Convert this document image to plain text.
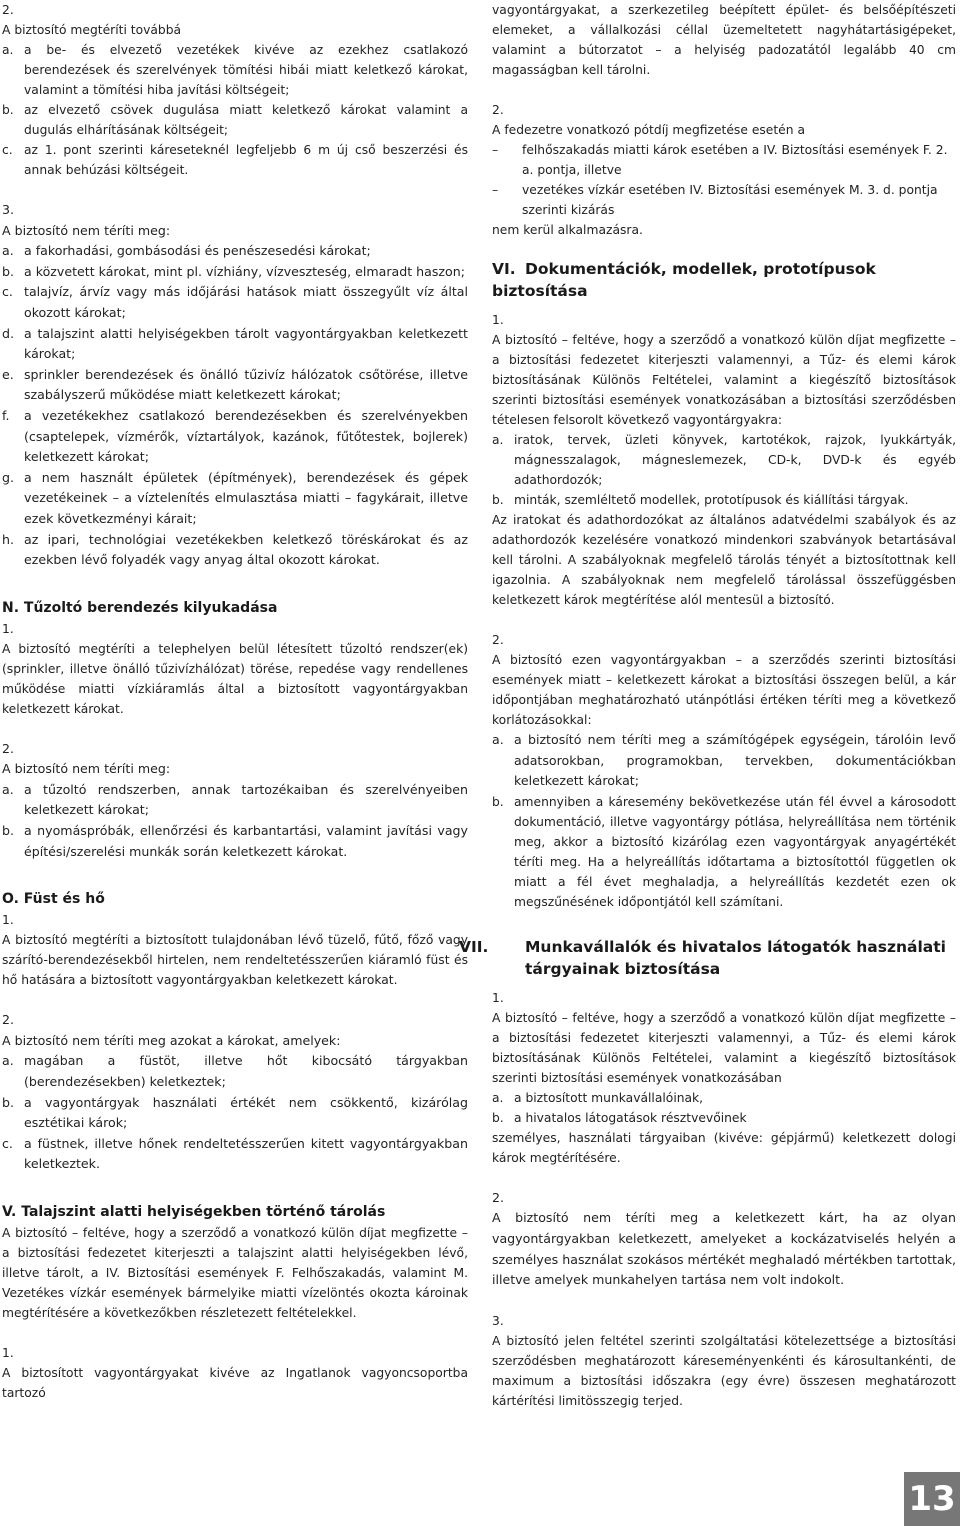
2.

A biztosító megtéríti továbbá

a. a be- és elvezető vezetékek kivéve az ezekhez csatlakozó berendezések és szerelvények tömítési hibái miatt keletkező károkat, valamint a tömítési hiba javítási költségeit;

b. az elvezető csövek dugulása miatt keletkező károkat valamint a dugulás elhárításának költségeit;

c. az 1. pont szerinti káreseteknél legfeljebb 6 m új cső beszerzési és annak behúzási költségeit.

3.

A biztosító nem téríti meg:

a. a fakorhadási, gombásodási és penészesedési károkat;

b. a közvetett károkat, mint pl. vízhiány, vízveszteség, elmaradt haszon;

c. talajvíz, árvíz vagy más időjárási hatások miatt összegyűlt víz által okozott károkat;

d. a talajszint alatti helyiségekben tárolt vagyontárgyakban keletkezett károkat;

e. sprinkler berendezések és önálló tűzivíz hálózatok csőtörése, illetve szabályszerű működése miatt keletkezett károkat;

f. a vezetékekhez csatlakozó berendezésekben és szerelvényekben (csaptelepek, vízmérők, víztartályok, kazánok, fűtőtestek, bojlerek) keletkezett károkat;

g. a nem használt épületek (építmények), berendezések és gépek vezetékeinek – a víztelenítés elmulasztása miatti – fagykárait, illetve ezek következményi kárait;

h. az ipari, technológiai vezetékekben keletkező töréskárokat és az ezekben lévő folyadék vagy anyag által okozott károkat.

N. Tűzoltó berendezés kilyukadása

1.

A biztosító megtéríti a telephelyen belül létesített tűzoltó rendszer(ek) (sprinkler, illetve önálló tűzivízhálózat) törése, repedése vagy rendellenes működése miatti vízkiáramlás által a biztosított vagyontárgyakban keletkezett károkat.

2.

A biztosító nem téríti meg:

a. a tűzoltó rendszerben, annak tartozékaiban és szerelvényeiben keletkezett károkat;

b. a nyomáspróbák, ellenőrzési és karbantartási, valamint javítási vagy építési/szerelési munkák során keletkezett károkat.

O. Füst és hő

1.

A biztosító megtéríti a biztosított tulajdonában lévő tüzelő, fűtő, főző vagy szárító-berendezésekből hirtelen, nem rendeltetésszerűen kiáramló füst és hő hatására a biztosított vagyontárgyakban keletkezett károkat.

2.

A biztosító nem téríti meg azokat a károkat, amelyek:

a. magában a füstöt, illetve hőt kibocsátó tárgyakban (berendezésekben) keletkeztek;

b. a vagyontárgyak használati értékét nem csökkentő, kizárólag esztétikai károk;

c. a füstnek, illetve hőnek rendeltetésszerűen kitett vagyontárgyakban keletkeztek.

V. Talajszint alatti helyiségekben történő tárolás

A biztosító – feltéve, hogy a szerződő a vonatkozó külön díjat megfizette – a biztosítási fedezetet kiterjeszti a talajszint alatti helyiségekben lévő, illetve tárolt, a IV. Biztosítási események F. Felhőszakadás, valamint M. Vezetékes vízkár események bármelyike miatti vízelöntés okozta károinak megtérítésére a következőkben részletezett feltételekkel.

1.

A biztosított vagyontárgyakat kivéve az Ingatlanok vagyoncsoportba tartozó

vagyontárgyakat, a szerkezetileg beépített épület- és belsőépítészeti elemeket, a vállalkozási céllal üzemeltetett nagyhátartásigépeket, valamint a bútorzatot – a helyiség padozatától legalább 40 cm magasságban kell tárolni.

2.

A fedezetre vonatkozó pótdíj megfizetése esetén a

– felhőszakadás miatti károk esetében a IV. Biztosítási események F. 2. a. pontja, illetve

– vezetékes vízkár esetében IV. Biztosítási események M. 3. d. pontja szerinti kizárás

nem kerül alkalmazásra.

VI. Dokumentációk, modellek, prototípusok biztosítása

1.

A biztosító – feltéve, hogy a szerződő a vonatkozó külön díjat megfizette – a biztosítási fedezetet kiterjeszti valamennyi, a Tűz- és elemi károk biztosításának Különös Feltételei, valamint a kiegészítő biztosítások szerinti biztosítási események vonatkozásában a biztosítási szerződésben tételesen felsorolt következő vagyontárgyakra:

a. iratok, tervek, üzleti könyvek, kartotékok, rajzok, lyukkártyák, mágnesszalagok, mágneslemezek, CD-k, DVD-k és egyéb adathordozók;

b. minták, szemléltető modellek, prototípusok és kiállítási tárgyak.

Az iratokat és adathordozókat az általános adatvédelmi szabályok és az adathordozók kezelésére vonatkozó mindenkori szabványok betartásával kell tárolni. A szabályoknak megfelelő tárolás tényét a biztosítottnak kell igazolnia. A szabályoknak nem megfelelő tárolással összefüggésben keletkezett károk megtérítése alól mentesül a biztosító.

2.

A biztosító ezen vagyontárgyakban – a szerződés szerinti biztosítási események miatt – keletkezett károkat a biztosítási összegen belül, a kár időpontjában meghatározható utánpótlási értéken téríti meg a következő korlátozásokkal:

a. a biztosító nem téríti meg a számítógépek egységein, tárolóin levő adatsorokban, programokban, tervekben, dokumentációkban keletkezett károkat;

b. amennyiben a káresemény bekövetkezése után fél évvel a károsodott dokumentáció, illetve vagyontárgy pótlása, helyreállítása nem történik meg, akkor a biztosító kizárólag ezen vagyontárgyak anyagértékét téríti meg. Ha a helyreállítás időtartama a biztosítottól független ok miatt a fél évet meghaladja, a helyreállítás kezdetét ezen ok megszűnésének időpontjától kell számítani.

VII. Munkavállalók és hivatalos látogatók használati tárgyainak biztosítása

1.

A biztosító – feltéve, hogy a szerződő a vonatkozó külön díjat megfizette – a biztosítási fedezetet kiterjeszti valamennyi, a Tűz- és elemi károk biztosításának Különös Feltételei, valamint a kiegészítő biztosítások szerinti biztosítási események vonatkozásában

a. a biztosított munkavállalóinak,

b. a hivatalos látogatások résztvevőinek

személyes, használati tárgyaiban (kivéve: gépjármű) keletkezett dologi károk megtérítésére.

2.

A biztosító nem téríti meg a keletkezett kárt, ha az olyan vagyontárgyakban keletkezett, amelyeket a kockázatviselés helyén a személyes használat szokásos mértékét meghaladó mértékben tartottak, illetve amelyek munkahelyen tartása nem volt indokolt.

3.

A biztosító jelen feltétel szerinti szolgáltatási kötelezettsége a biztosítási szerződésben meghatározott káreseményenkénti és károsultankénti, de maximum a biztosítási időszakra (egy évre) összesen meghatározott kártérítési limitösszegig terjed.

13
